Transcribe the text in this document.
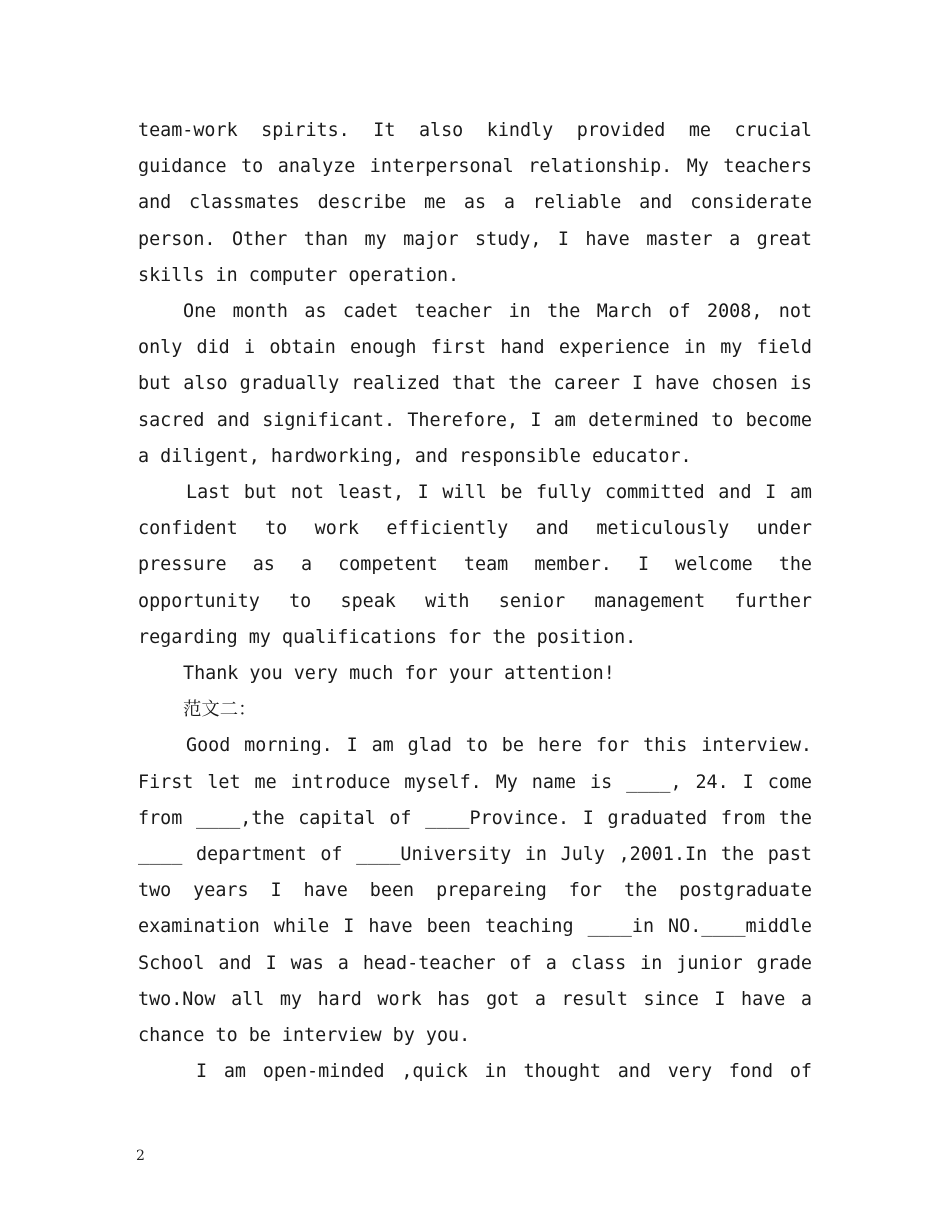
team-work spirits. It also kindly provided me crucial guidance to analyze interpersonal relationship. My teachers and classmates describe me as a reliable and considerate person. Other than my major study, I have master a great skills in computer operation.

One month as cadet teacher in the March of 2008, not only did i obtain enough first hand experience in my field but also gradually realized that the career I have chosen is sacred and significant. Therefore, I am determined to become a diligent, hardworking, and responsible educator.

Last but not least, I will be fully committed and I am confident to work efficiently and meticulously under pressure as a competent team member. I welcome the opportunity to speak with senior management further regarding my qualifications for the position.

Thank you very much for your attention!

范文二：

Good morning. I am glad to be here for this interview. First let me introduce myself. My name is ____, 24. I come from ____,the capital of ____Province. I graduated from the ____ department of ____University in July ,2001.In the past two years I have been prepareing for the postgraduate examination while I have been teaching ____in NO.____middle School and I was a head-teacher of a class in junior grade two.Now all my hard work has got a result since I have a chance to be interview by you.

I am open-minded ,quick in thought and very fond of

2
